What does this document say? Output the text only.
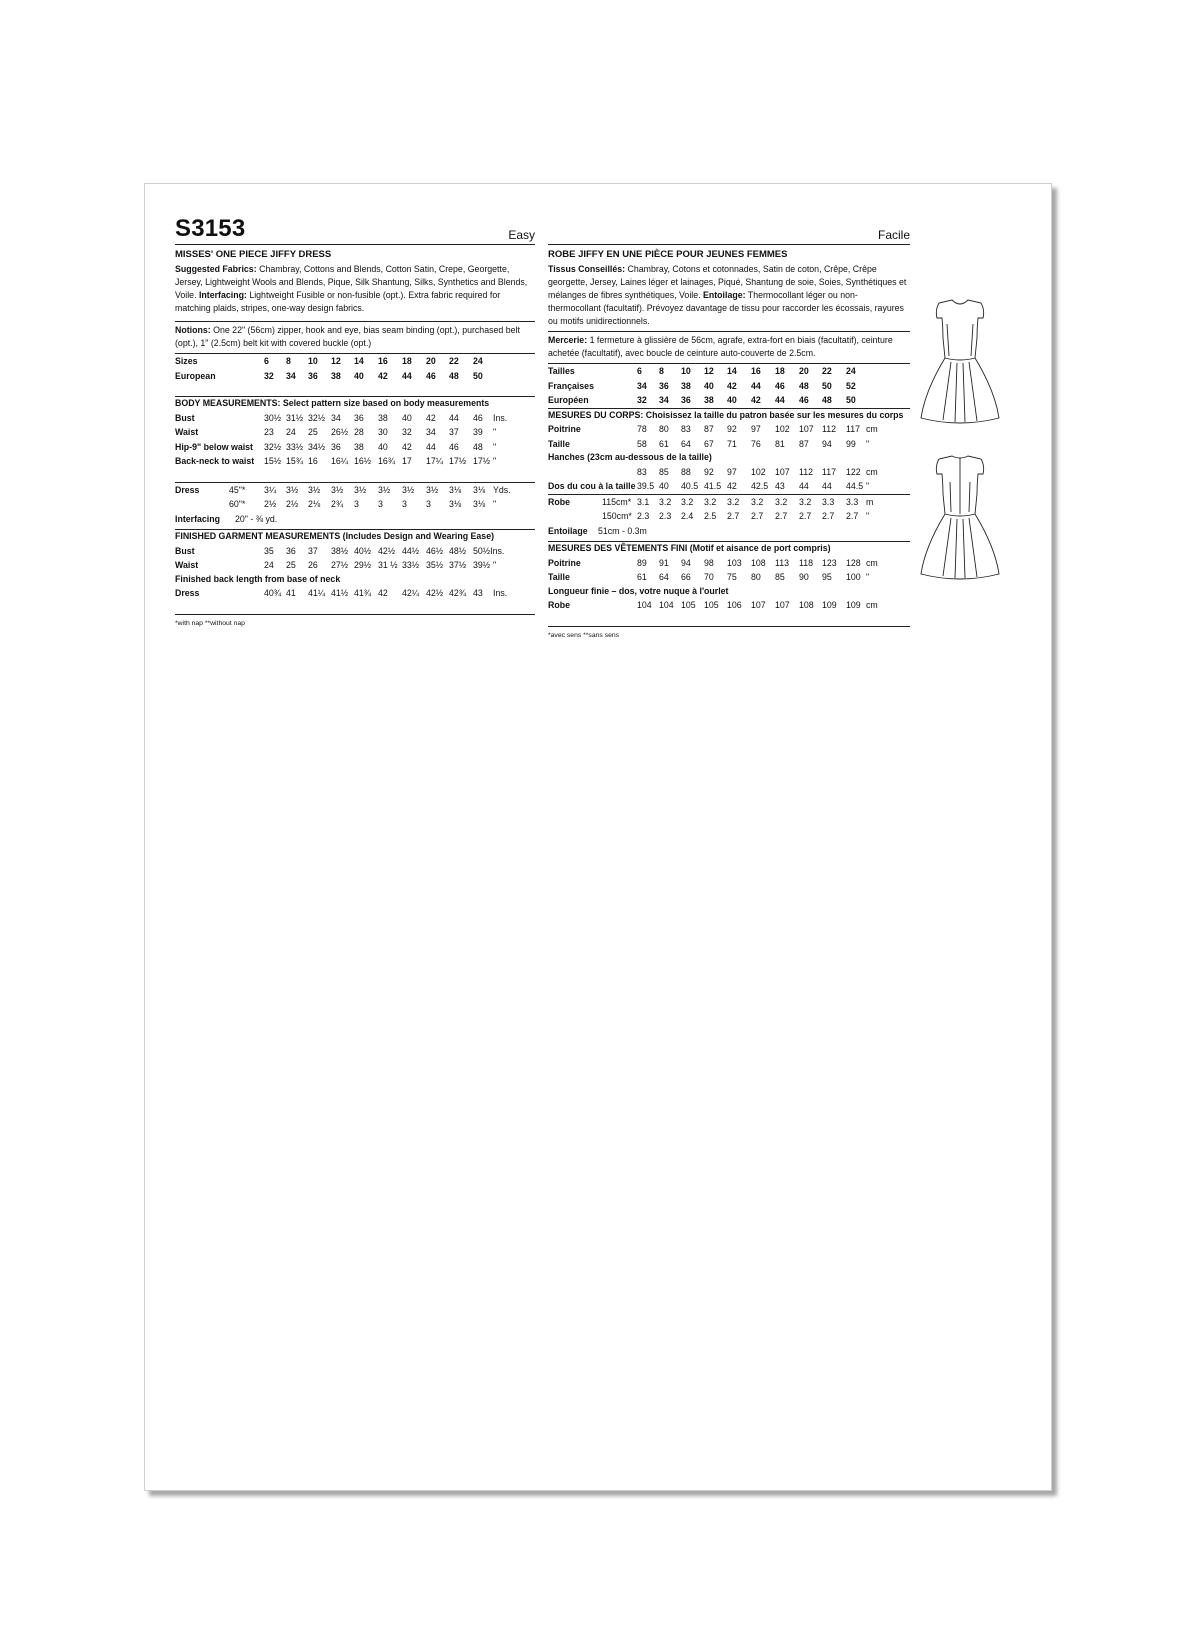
S3153	Easy
MISSES' ONE PIECE JIFFY DRESS

Suggested Fabrics: Chambray, Cottons and Blends, Cotton Satin, Crepe, Georgette, Jersey, Lightweight Wools and Blends, Pique, Silk Shantung, Silks, Synthetics and Blends, Voile. Interfacing: Lightweight Fusible or non-fusible (opt.). Extra fabric required for matching plaids, stripes, one-way design fabrics.

Notions: One 22" (56cm) zipper, hook and eye, bias seam binding (opt.), purchased belt (opt.), 1" (2.5cm) belt kit with covered buckle (opt.)

Sizes	6 8 10 12 14 16 18 20 22 24
European	32 34 36 38 40 42 44 46 48 50
BODY MEASUREMENTS: Select pattern size based on body measurements
Bust	30½ 31½ 32½ 34 36 38 40 42 44 46 Ins.
Waist	23 24 25 26½ 28 30 32 34 37 39 "
Hip-9" below waist 32½ 33½ 34½ 36 38 40 42 44 46 48 "
Back-neck to waist 15½ 15¾ 16 16¼ 16½ 16¾ 17 17¼ 17½ 17½ "
Dress	45"* 3¼ 3½ 3½ 3½ 3½ 3½ 3½ 3½ 3⅛ 3⅛ Yds.
60"* 2½ 2½ 2⅛ 2¾ 3 3 3 3 3⅛ 3⅛ "
Interfacing 20" - ⅜ yd.
FINISHED GARMENT MEASUREMENTS (Includes Design and Wearing Ease)
Bust	35 36 37 38½ 40½ 42½ 44½ 46½ 48½ 50½Ins.
Waist	24 25 26 27½ 29½ 31 ½ 33½ 35½ 37½ 39½ "
Finished back length from base of neck
Dress	40¾ 41 41¼ 41½ 41¾ 42 42¼ 42½ 42¾ 43 Ins.
*with nap **without nap
Facile
ROBE JIFFY EN UNE PIÈCE POUR JEUNES FEMMES

Tissus Conseillés: Chambray, Cotons et cotonnades, Satin de coton, Crêpe, Crêpe georgette, Jersey, Laines léger et lainages, Piqué, Shantung de soie, Soies, Synthétiques et mélanges de fibres synthétiques, Voile. Entoilage: Thermocollant léger ou non-thermocollant (facultatif). Prévoyez davantage de tissu pour raccorder les écossais, rayures ou motifs unidirectionnels.

Mercerie: 1 fermeture à glissière de 56cm, agrafe, extra-fort en biais (facultatif), ceinture achetée (facultatif), avec boucle de ceinture auto-couverte de 2.5cm.

Tailles	6 8 10 12 14 16 18 20 22 24
Françaises	34 36 38 40 42 44 46 48 50 52
Européen	32 34 36 38 40 42 44 46 48 50
MESURES DU CORPS: Choisissez la taille du patron basée sur les mesures du corps
Poitrine	78 80 83 87 92 97 102 107 112 117 cm
Taille	58 61 64 67 71 76 81 87 94 99 "
Hanches (23cm au-dessous de la taille)
83 85 88 92 97 102 107 112 117 122 cm
Dos du cou à la taille 39.5 40 40.5 41.5 42 42.5 43 44 44 44.5 "
Robe	115cm* 3.1 3.2 3.2 3.2 3.2 3.2 3.2 3.2 3.3 3.3 m
150cm* 2.3 2.3 2.4 2.5 2.7 2.7 2.7 2.7 2.7 2.7 "
Entoilage 51cm - 0.3m
MESURES DES VÊTEMENTS FINI (Motif et aisance de port compris)
Poitrine	89 91 94 98 103 108 113 118 123 128 cm
Taille	61 64 66 70 75 80 85 90 95 100 "
Longueur finie – dos, votre nuque à l'ourlet
Robe	104 104 105 105 106 107 107 108 109 109 cm
*avec sens **sans sens
